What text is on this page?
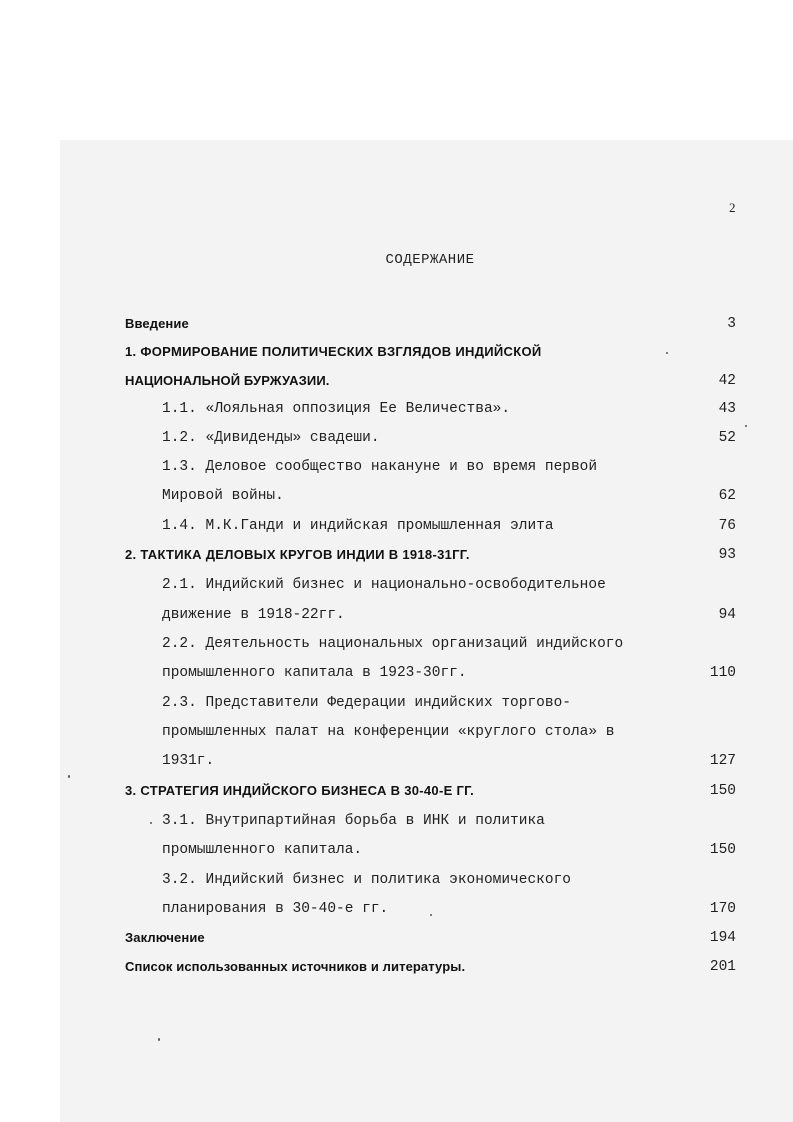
2
СОДЕРЖАНИЕ
Введение	3
1. ФОРМИРОВАНИЕ ПОЛИТИЧЕСКИХ ВЗГЛЯДОВ ИНДИЙСКОЙ
НАЦИОНАЛЬНОЙ БУРЖУАЗИИ.	42
1.1. «Лояльная оппозиция Ее Величества».	43
1.2. «Дивиденды» свадеши.	52
1.3. Деловое сообщество накануне и во время первой
Мировой войны.	62
1.4. М.К.Ганди и индийская промышленная элита	76
2. ТАКТИКА ДЕЛОВЫХ КРУГОВ ИНДИИ В 1918-31ГГ.	93
2.1. Индийский бизнес и национально-освободительное
движение в 1918-22гг.	94
2.2. Деятельность национальных организаций индийского
промышленного капитала в 1923-30гг.	110
2.3. Представители Федерации индийских торгово-
промышленных палат на конференции «круглого стола» в
1931г.	127
3. СТРАТЕГИЯ ИНДИЙСКОГО БИЗНЕСА В 30-40-Е ГГ.	150
3.1. Внутрипартийная борьба в ИНК и политика
промышленного капитала.	150
3.2. Индийский бизнес и политика экономического
планирования в 30-40-е гг.	170
Заключение	194
Список использованных источников и литературы.	201
